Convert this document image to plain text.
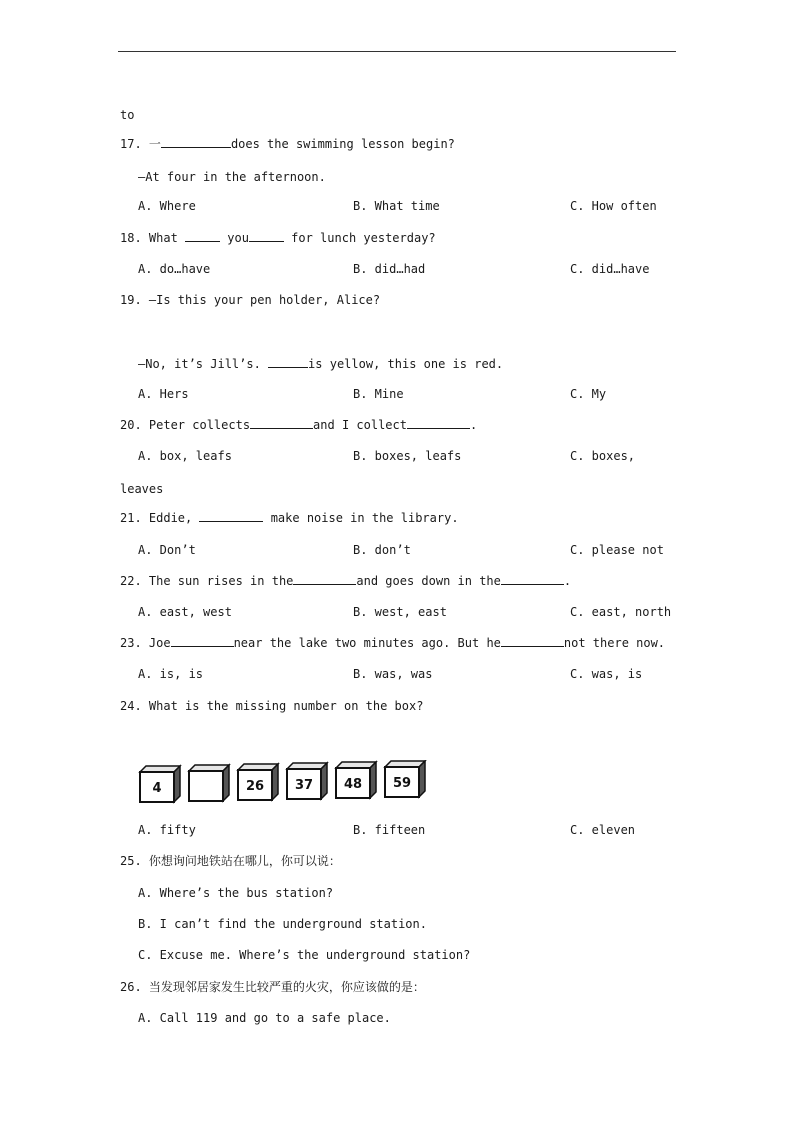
to
17. 一	does the swimming lesson begin?
—At four in the afternoon.
A. Where	B. What time	C. How often
18. What	you	for lunch yesterday?
A. do…have	B. did…had	C. did…have
19. —Is this your pen holder, Alice?
—No, it’s Jill’s.	is yellow, this one is red.
A. Hers	B. Mine	C. My
20. Peter collects	and I collect	.
A. box, leafs	B. boxes, leafs	C. boxes,
leaves
21. Eddie,	make noise in the library.
A. Don’t	B. don’t	C. please not
22. The sun rises in the	and goes down in the	.
A. east, west	B. west, east	C. east, north
23. Joe	near the lake two minutes ago. But he	not there now.
A. is, is	B. was, was	C. was, is
24. What is the missing number on the box?
4	26 37 48 59
A. fifty	B. fifteen	C. eleven
25. 你想询问地铁站在哪儿，你可以说：
A. Where’s the bus station?
B. I can’t find the underground station.
C. Excuse me. Where’s the underground station?
26. 当发现邻居家发生比较严重的火灾，你应该做的是：
A. Call 119 and go to a safe place.
